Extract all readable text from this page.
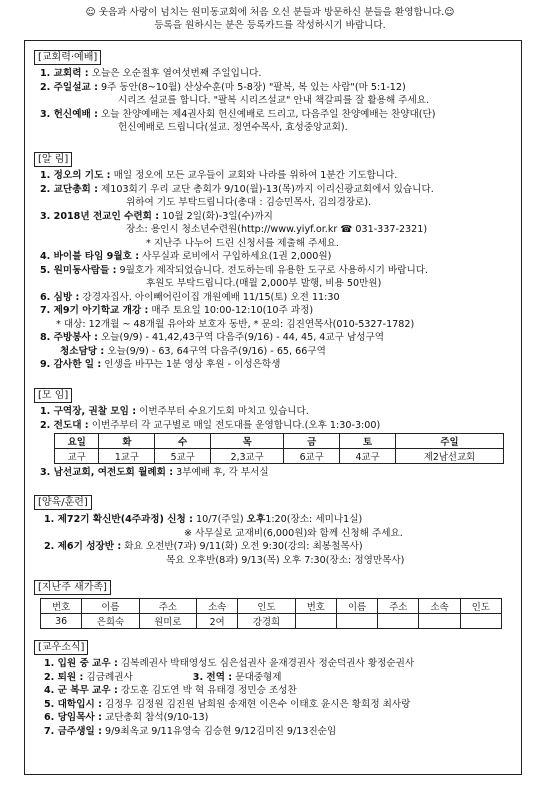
☺ 웃음과 사랑이 넘치는 원미동교회에 처음 오신 분들과 방문하신 분들을 환영합니다.☺
등록을 원하시는 분은 등록카드를 작성하시기 바랍니다.
[교회력·예배]
1. 교회력 : 오늘은 오순절후 열여섯번째 주일입니다.
2. 주일설교 : 9주 동안(8~10월) 산상수훈(마 5-8장) "팔복, 복 있는 사람"(마 5:1-12)
시리즈 설교를 합니다. "팔복 시리즈설교" 안내 책갈피를 잘 활용해 주세요.
3. 헌신예배 : 오늘 찬양예배는 제4권사회 헌신예배로 드리고, 다음주일 찬양예배는 찬양대(단)
헌신예배로 드립니다(설교. 정연수목사, 효성중앙교회).
[알 림]
1. 정오의 기도 : 매일 정오에 모든 교우들이 교회와 나라를 위하여 1분간 기도합니다.
2. 교단총회 : 제103회기 우리 교단 총회가 9/10(월)-13(목)까지 이리신광교회에서 있습니다.
위하여 기도 부탁드립니다(총대 : 김승민목사, 김의경장로).
3. 2018년 전교인 수련회 : 10월 2일(화)-3일(수)까지
장소: 용인시 청소년수련원(http://www.yiyf.or.kr ☎ 031-337-2321)
* 지난주 나누어 드린 신청서를 제출해 주세요.
4. 바이블 타임 9월호 : 사무실과 로비에서 구입하세요(1권 2,000원)
5. 원미동사람들 : 9월호가 제작되었습니다. 전도하는데 유용한 도구로 사용하시기 바랍니다.
후원도 부탁드립니다.(매월 2,000부 발행, 비용 50만원)
6. 심방 : 강경자집사. 아이빼어린이집 개원예배 11/15(토) 오전 11:30
7. 제9기 아기학교 개강 : 매주 토요일 10:00-12:10(10주 과정)
* 대상: 12개월 ~ 48개월 유아와 보호자 동반, * 문의: 김진연목사(010-5327-1782)
8. 주방봉사 : 오늘(9/9) - 41,42,43구역 다음주(9/16) - 44, 45, 4교구 남성구역
청소담당 : 오늘(9/9) - 63, 64구역 다음주(9/16) - 65, 66구역
9. 감사한 일 : 인생을 바꾸는 1분 영상 후원 - 이성은학생
[모 임]
1. 구역장, 권찰 모임 : 이번주부터 수요기도회 마치고 있습니다.
2. 전도대 : 이번주부터 각 교구별로 매일 전도대를 운영합니다.(오후 1:30-3:00)
요일	화	수	목	금	토	주일
교구	1교구	5교구	2,3교구	6교구	4교구	제2남선교회
3. 남선교회, 여전도회 월례회 : 3부예배 후, 각 부서실
[양육/훈련]
1. 제72기 확신반(4주과정) 신청 : 10/7(주일) 오후1:20(장소: 세미나1실)
※ 사무실로 교재비(6,000원)와 함께 신청해 주세요.
2. 제6기 성장반 : 화요 오전반(7과) 9/11(화) 오전 9:30(강의: 최봉철목사)
목요 오후반(8과) 9/13(목) 오후 7:30(장소: 정영만목사)
[지난주 새가족]
번호	이름	주소	소속	인도	번호	이름	주소	소속	인도
36	은희숙	원미로	2여	강경희					
[교우소식]
1. 입원 중 교우 : 김복례권사 박태영성도 심은섭권사 윤재경권사 정순덕권사 황정순권사
2. 퇴원 : 김금례권사	3. 전역 : 문대중형제
4. 군 복무 교우 : 강도훈 김도연 박 혁 유태경 정민승 조성찬
5. 대학입시 : 김정우 김정원 김진원 남희원 송재현 이은수 이태호 윤시은 황희정 최사랑
6. 당임목사 : 교단총회 참석(9/10-13)
7. 금주생일 : 9/9최옥교 9/11유영숙 김승현 9/12김미진 9/13진순임
